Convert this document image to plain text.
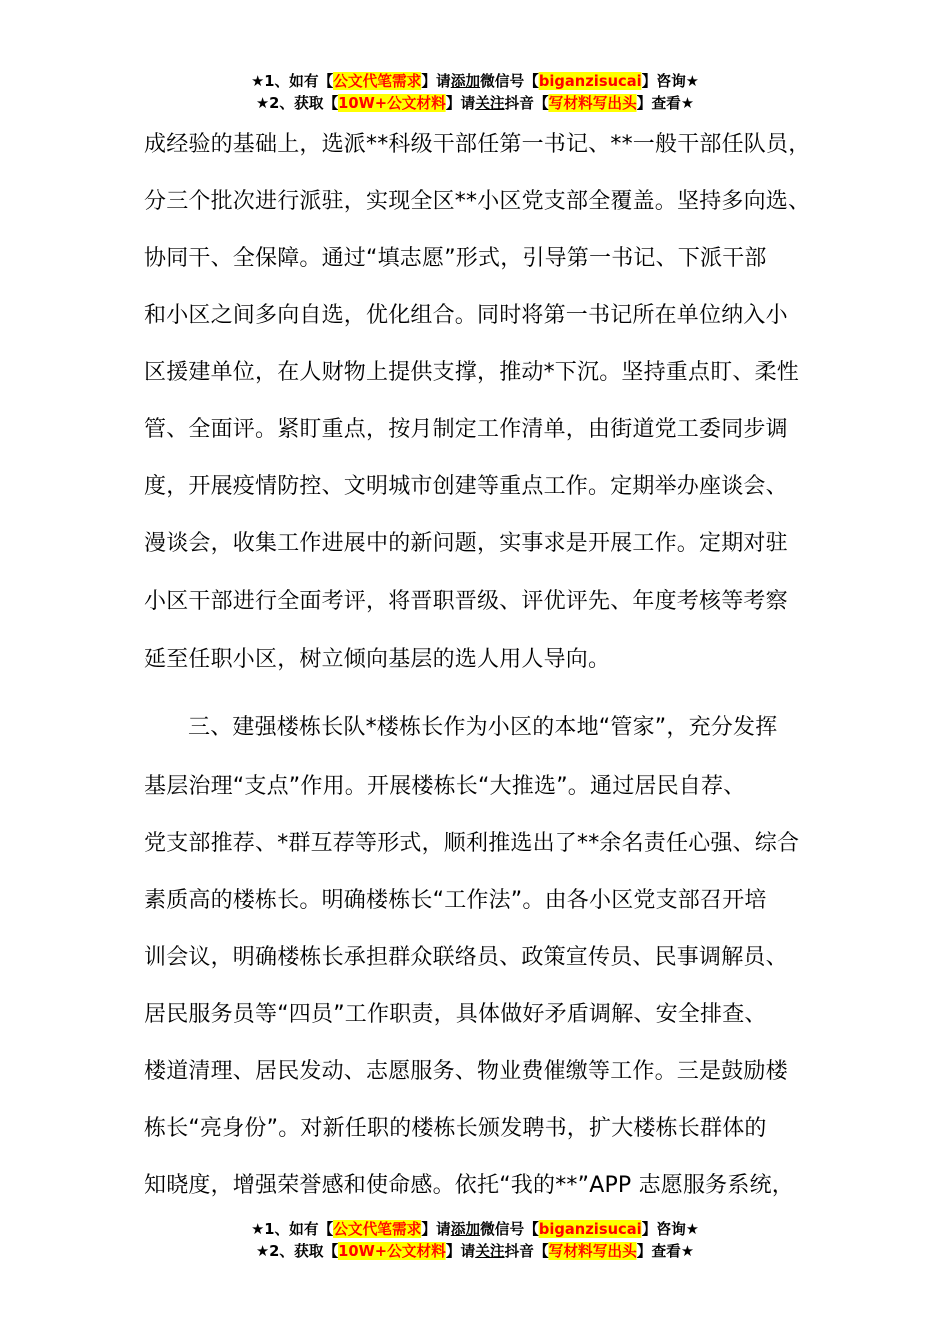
★1、如有【公文代笔需求】请添加微信号【biganzisucai】咨询★
★2、获取【10W+公文材料】请关注抖音【写材料写出头】查看★
成经验的基础上，选派**科级干部任第一书记、**一般干部任队员，
分三个批次进行派驻，实现全区**小区党支部全覆盖。坚持多向选、
协同干、全保障。通过“填志愿”形式，引导第一书记、下派干部
和小区之间多向自选，优化组合。同时将第一书记所在单位纳入小
区援建单位，在人财物上提供支撑，推动*下沉。坚持重点盯、柔性
管、全面评。紧盯重点，按月制定工作清单，由街道党工委同步调
度，开展疫情防控、文明城市创建等重点工作。定期举办座谈会、
漫谈会，收集工作进展中的新问题，实事求是开展工作。定期对驻
小区干部进行全面考评，将晋职晋级、评优评先、年度考核等考察
延至任职小区，树立倾向基层的选人用人导向。
三、建强楼栋长队*楼栋长作为小区的本地“管家”，充分发挥
基层治理“支点”作用。开展楼栋长“大推选”。通过居民自荐、
党支部推荐、*群互荐等形式，顺利推选出了**余名责任心强、综合
素质高的楼栋长。明确楼栋长“工作法”。由各小区党支部召开培
训会议，明确楼栋长承担群众联络员、政策宣传员、民事调解员、
居民服务员等“四员”工作职责，具体做好矛盾调解、安全排查、
楼道清理、居民发动、志愿服务、物业费催缴等工作。三是鼓励楼
栋长“亮身份”。对新任职的楼栋长颁发聘书，扩大楼栋长群体的
知晓度，增强荣誉感和使命感。依托“我的**”APP 志愿服务系统，
★1、如有【公文代笔需求】请添加微信号【biganzisucai】咨询★
★2、获取【10W+公文材料】请关注抖音【写材料写出头】查看★
